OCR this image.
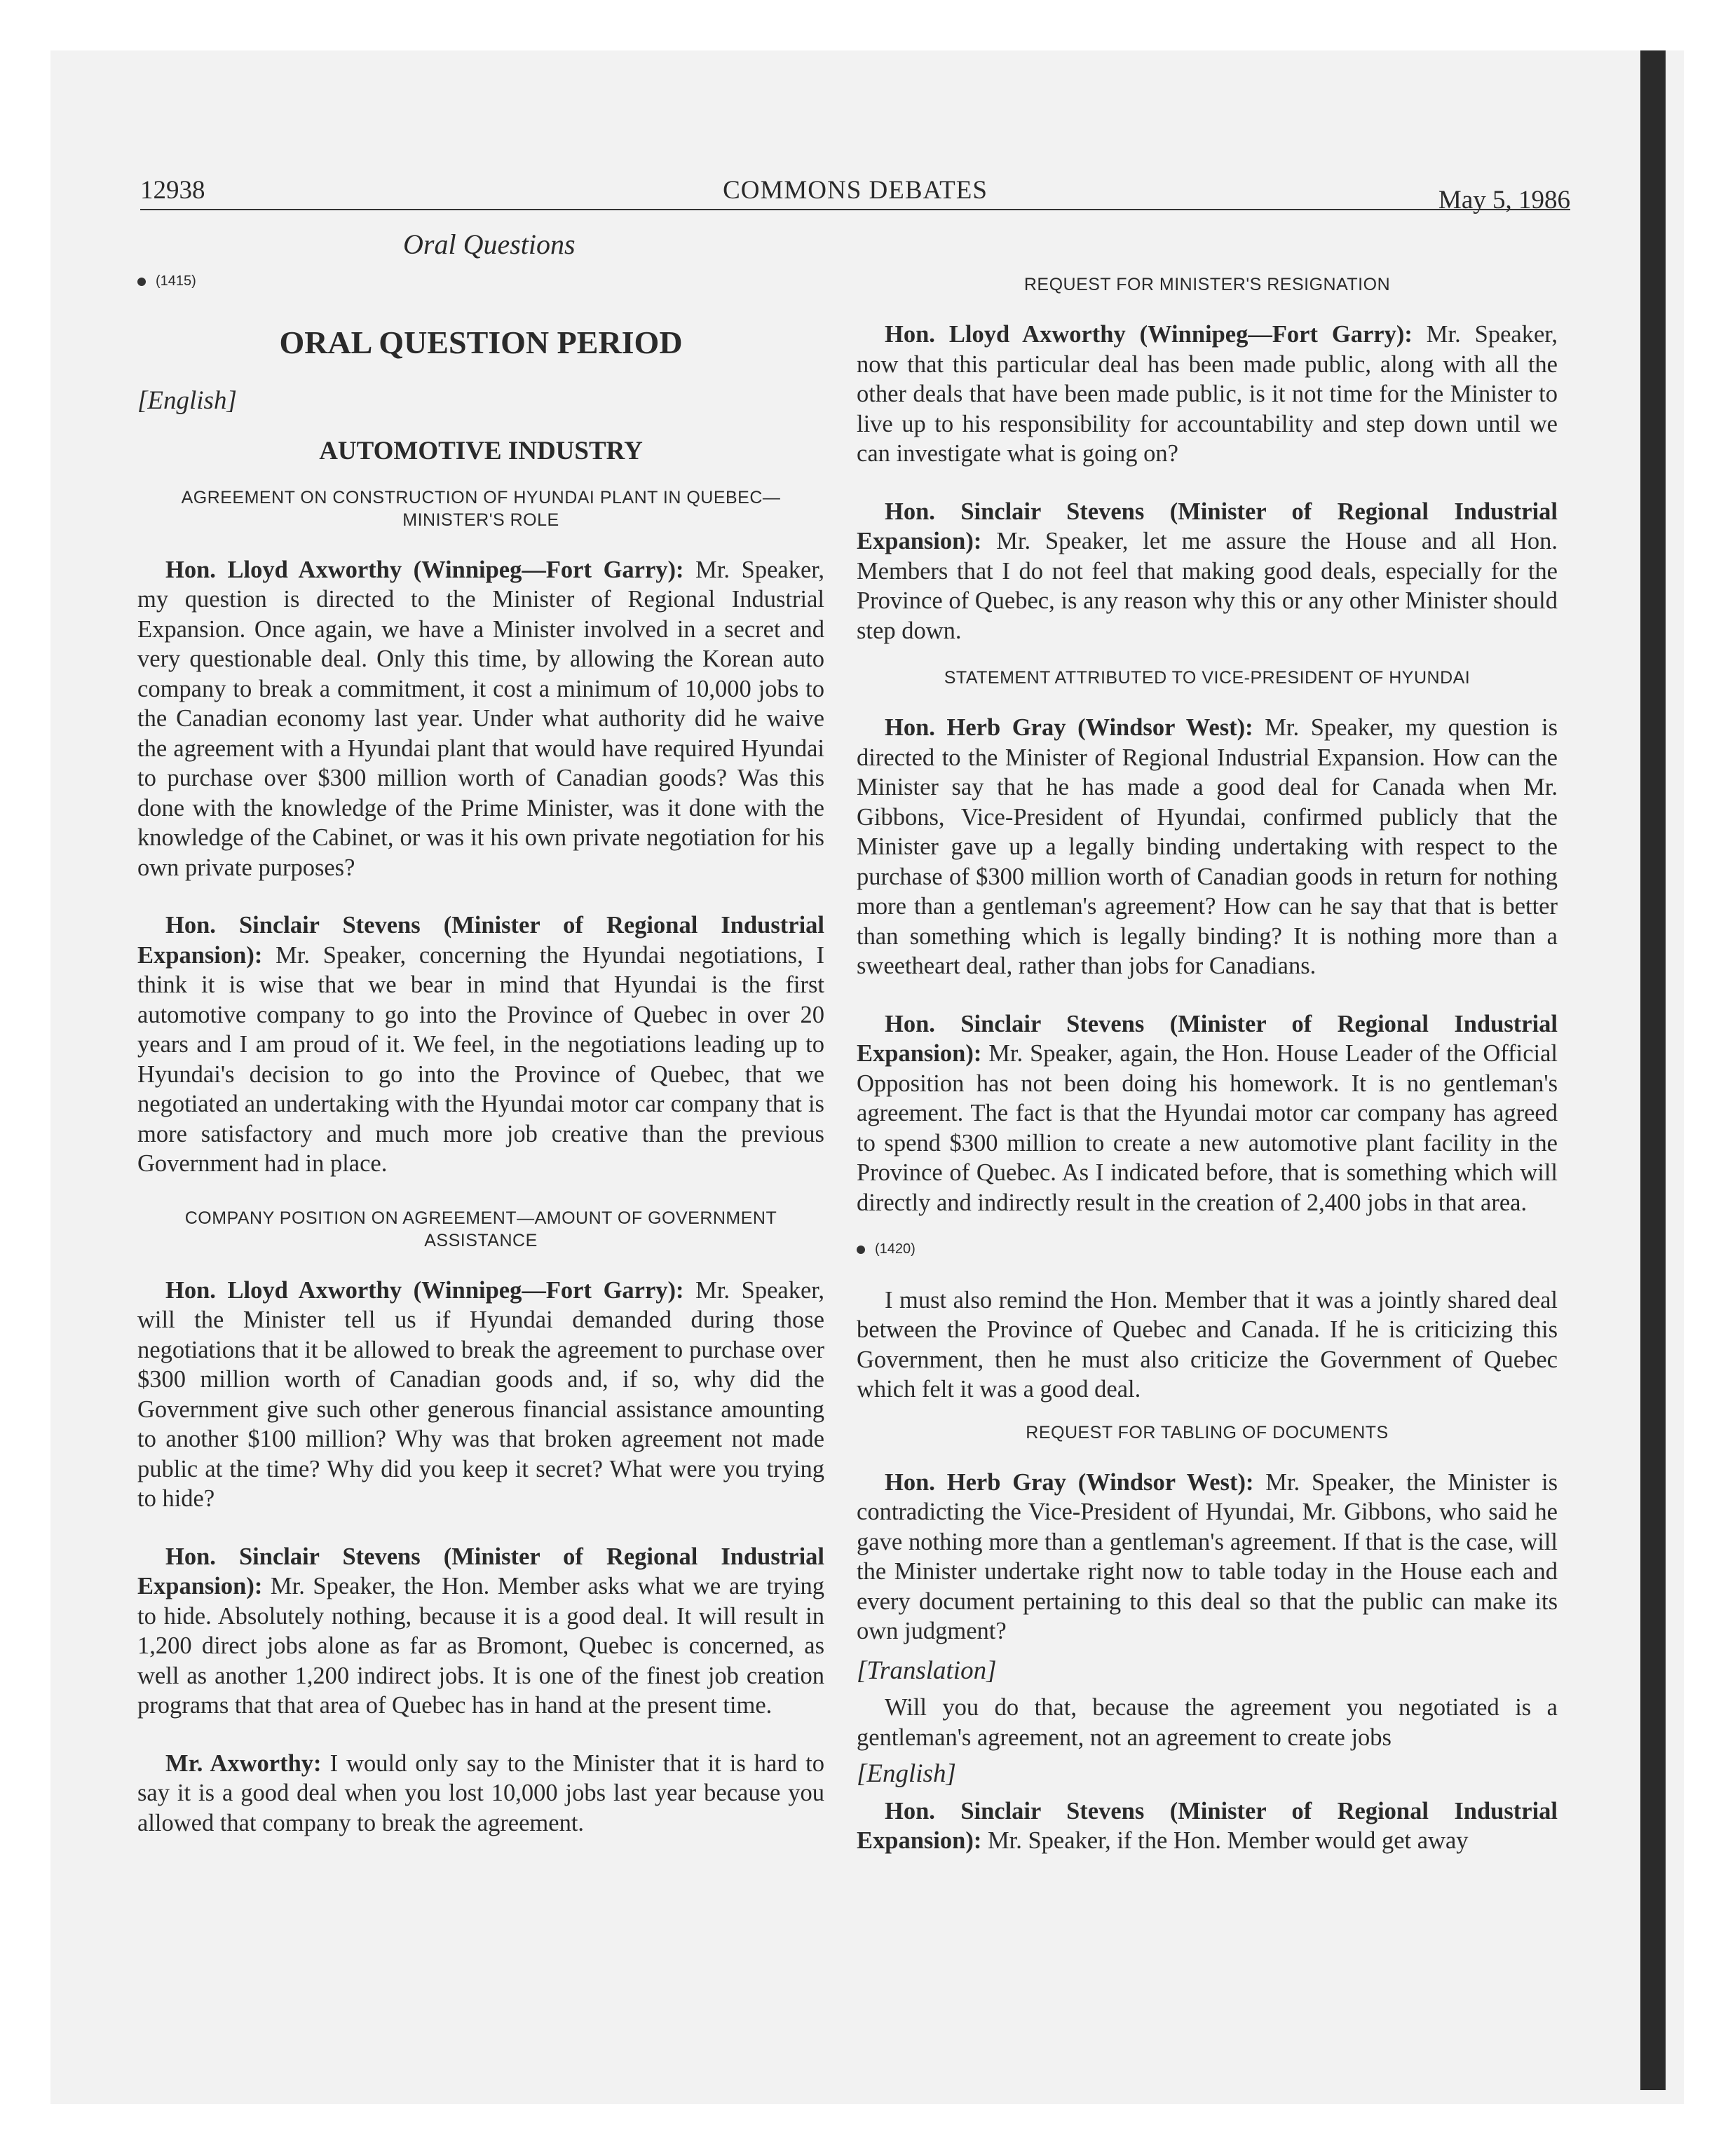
12938	COMMONS DEBATES	May 5, 1986
Oral Questions
(1415)
ORAL QUESTION PERIOD
[English]
AUTOMOTIVE INDUSTRY
AGREEMENT ON CONSTRUCTION OF HYUNDAI PLANT IN QUEBEC—MINISTER'S ROLE

Hon. Lloyd Axworthy (Winnipeg—Fort Garry): Mr. Speaker, my question is directed to the Minister of Regional Industrial Expansion. Once again, we have a Minister involved in a secret and very questionable deal. Only this time, by allowing the Korean auto company to break a commitment, it cost a minimum of 10,000 jobs to the Canadian economy last year. Under what authority did he waive the agreement with a Hyundai plant that would have required Hyundai to purchase over $300 million worth of Canadian goods? Was this done with the knowledge of the Prime Minister, was it done with the knowledge of the Cabinet, or was it his own private negotiation for his own private purposes?

Hon. Sinclair Stevens (Minister of Regional Industrial Expansion): Mr. Speaker, concerning the Hyundai negotiations, I think it is wise that we bear in mind that Hyundai is the first automotive company to go into the Province of Quebec in over 20 years and I am proud of it. We feel, in the negotiations leading up to Hyundai's decision to go into the Province of Quebec, that we negotiated an undertaking with the Hyundai motor car company that is more satisfactory and much more job creative than the previous Government had in place.

COMPANY POSITION ON AGREEMENT—AMOUNT OF GOVERNMENT ASSISTANCE

Hon. Lloyd Axworthy (Winnipeg—Fort Garry): Mr. Speaker, will the Minister tell us if Hyundai demanded during those negotiations that it be allowed to break the agreement to purchase over $300 million worth of Canadian goods and, if so, why did the Government give such other generous financial assistance amounting to another $100 million? Why was that broken agreement not made public at the time? Why did you keep it secret? What were you trying to hide?

Hon. Sinclair Stevens (Minister of Regional Industrial Expansion): Mr. Speaker, the Hon. Member asks what we are trying to hide. Absolutely nothing, because it is a good deal. It will result in 1,200 direct jobs alone as far as Bromont, Quebec is concerned, as well as another 1,200 indirect jobs. It is one of the finest job creation programs that that area of Quebec has in hand at the present time.

Mr. Axworthy: I would only say to the Minister that it is hard to say it is a good deal when you lost 10,000 jobs last year because you allowed that company to break the agreement.

REQUEST FOR MINISTER'S RESIGNATION

Hon. Lloyd Axworthy (Winnipeg—Fort Garry): Mr. Speaker, now that this particular deal has been made public, along with all the other deals that have been made public, is it not time for the Minister to live up to his responsibility for accountability and step down until we can investigate what is going on?

Hon. Sinclair Stevens (Minister of Regional Industrial Expansion): Mr. Speaker, let me assure the House and all Hon. Members that I do not feel that making good deals, especially for the Province of Quebec, is any reason why this or any other Minister should step down.

STATEMENT ATTRIBUTED TO VICE-PRESIDENT OF HYUNDAI

Hon. Herb Gray (Windsor West): Mr. Speaker, my question is directed to the Minister of Regional Industrial Expansion. How can the Minister say that he has made a good deal for Canada when Mr. Gibbons, Vice-President of Hyundai, confirmed publicly that the Minister gave up a legally binding undertaking with respect to the purchase of $300 million worth of Canadian goods in return for nothing more than a gentleman's agreement? How can he say that that is better than something which is legally binding? It is nothing more than a sweetheart deal, rather than jobs for Canadians.

Hon. Sinclair Stevens (Minister of Regional Industrial Expansion): Mr. Speaker, again, the Hon. House Leader of the Official Opposition has not been doing his homework. It is no gentleman's agreement. The fact is that the Hyundai motor car company has agreed to spend $300 million to create a new automotive plant facility in the Province of Quebec. As I indicated before, that is something which will directly and indirectly result in the creation of 2,400 jobs in that area.

(1420)

I must also remind the Hon. Member that it was a jointly shared deal between the Province of Quebec and Canada. If he is criticizing this Government, then he must also criticize the Government of Quebec which felt it was a good deal.

REQUEST FOR TABLING OF DOCUMENTS

Hon. Herb Gray (Windsor West): Mr. Speaker, the Minister is contradicting the Vice-President of Hyundai, Mr. Gibbons, who said he gave nothing more than a gentleman's agreement. If that is the case, will the Minister undertake right now to table today in the House each and every document pertaining to this deal so that the public can make its own judgment?

[Translation]

Will you do that, because the agreement you negotiated is a gentleman's agreement, not an agreement to create jobs

[English]

Hon. Sinclair Stevens (Minister of Regional Industrial Expansion): Mr. Speaker, if the Hon. Member would get away
